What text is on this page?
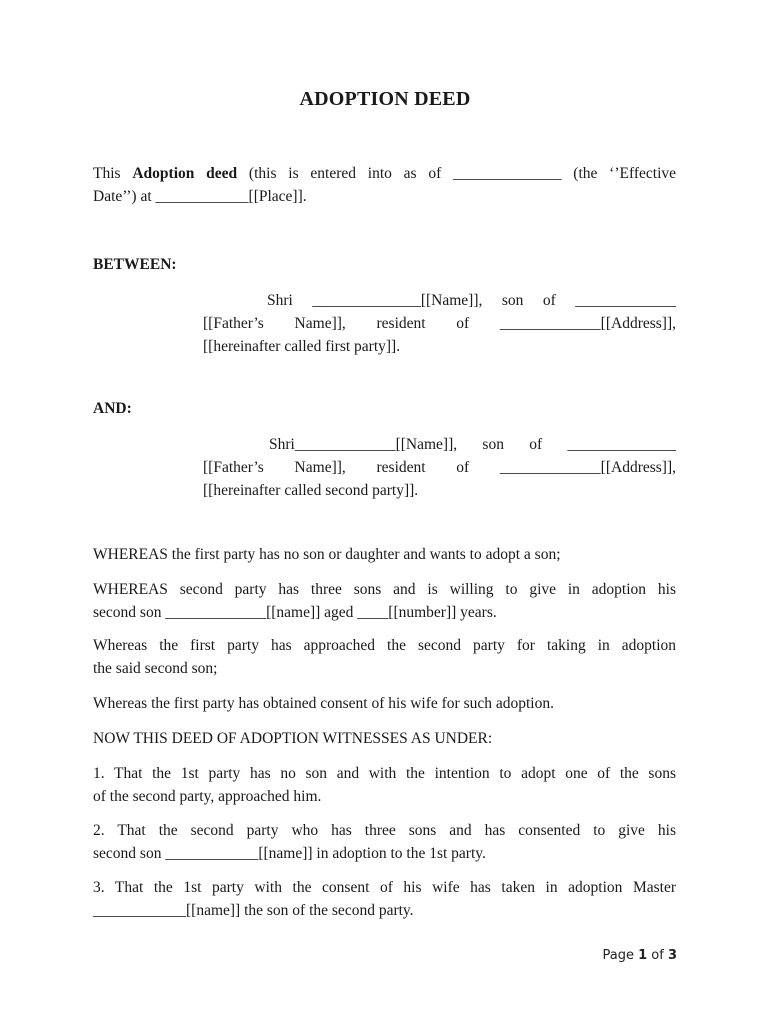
ADOPTION DEED
This Adoption deed (this is entered into as of ______________ (the ‘’Effective
Date’’) at ____________[[Place]].
BETWEEN:
Shri ______________[[Name]], son of _____________
[[Father’s Name]], resident of _____________[[Address]],
[[hereinafter called first party]].
AND:
Shri_____________[[Name]], son of ______________
[[Father’s Name]], resident of _____________[[Address]],
[[hereinafter called second party]].
WHEREAS the first party has no son or daughter and wants to adopt a son;
WHEREAS second party has three sons and is willing to give in adoption his
second son _____________[[name]] aged ____[[number]] years.
Whereas the first party has approached the second party for taking in adoption
the said second son;
Whereas the first party has obtained consent of his wife for such adoption.
NOW THIS DEED OF ADOPTION WITNESSES AS UNDER:
1. That the 1st party has no son and with the intention to adopt one of the sons
of the second party, approached him.
2. That the second party who has three sons and has consented to give his
second son ____________[[name]] in adoption to the 1st party.
3. That the 1st party with the consent of his wife has taken in adoption Master
____________[[name]] the son of the second party.
Page 1 of 3
